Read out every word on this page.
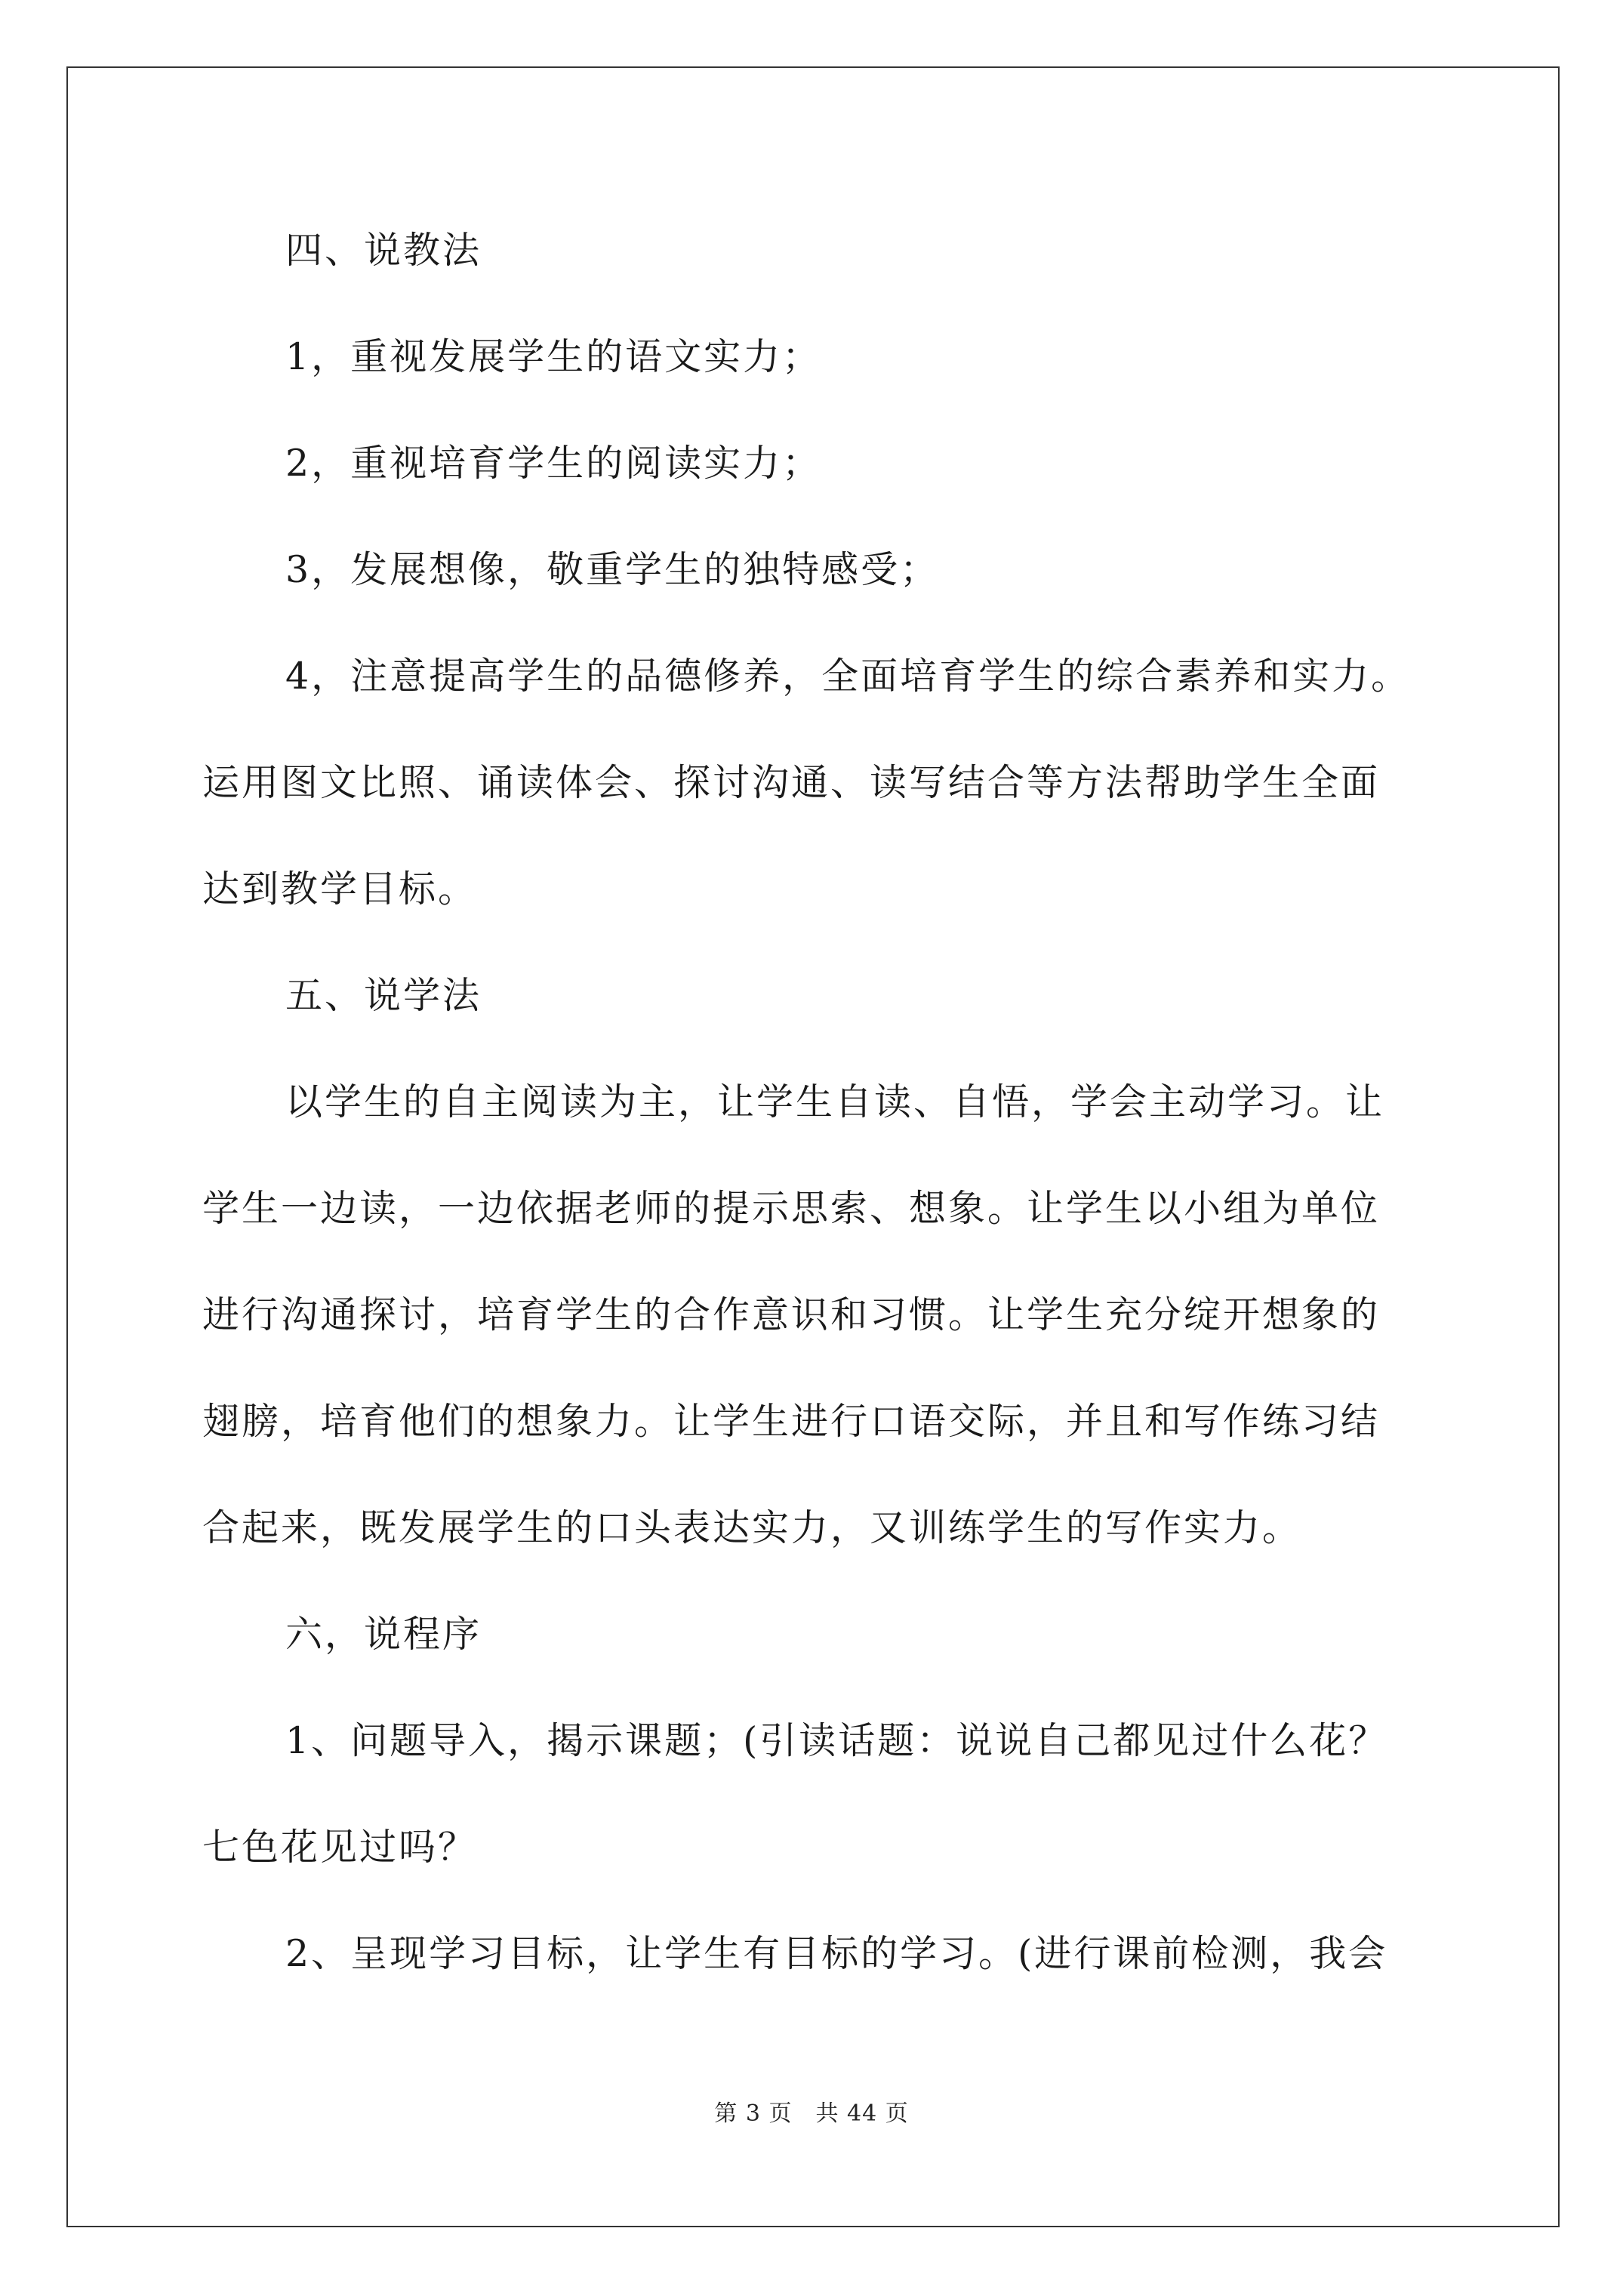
四、说教法
1，重视发展学生的语文实力；
2，重视培育学生的阅读实力；
3，发展想像，敬重学生的独特感受；
4，注意提高学生的品德修养，全面培育学生的综合素养和实力。
运用图文比照、诵读体会、探讨沟通、读写结合等方法帮助学生全面
达到教学目标。
五、说学法
以学生的自主阅读为主，让学生自读、自悟，学会主动学习。让
学生一边读，一边依据老师的提示思索、想象。让学生以小组为单位
进行沟通探讨，培育学生的合作意识和习惯。让学生充分绽开想象的
翅膀，培育他们的想象力。让学生进行口语交际，并且和写作练习结
合起来，既发展学生的口头表达实力，又训练学生的写作实力。
六，说程序
1、问题导入，揭示课题；(引读话题：说说自己都见过什么花？
七色花见过吗？
2、呈现学习目标，让学生有目标的学习。(进行课前检测，我会
第 3 页　共 44 页
